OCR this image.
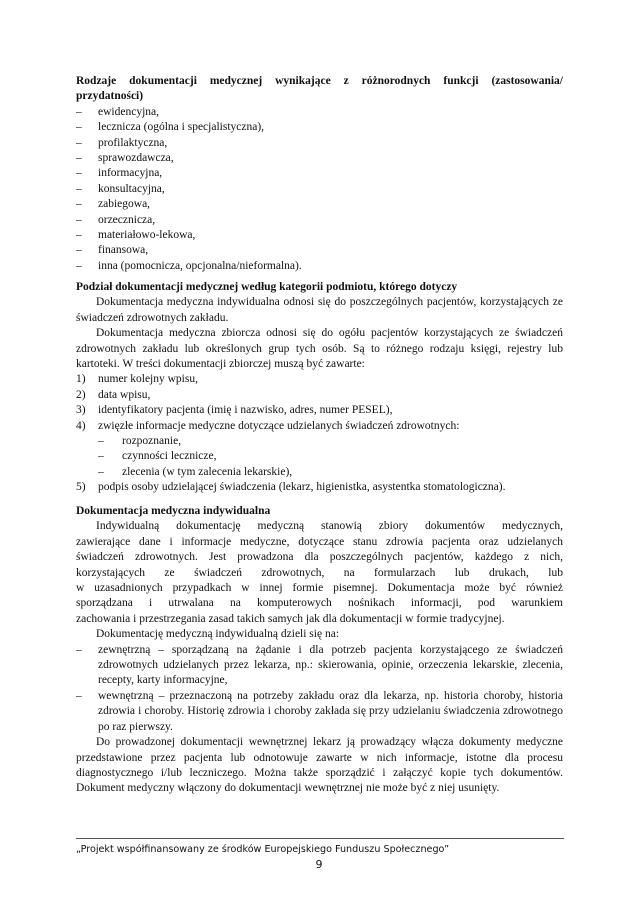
Rodzaje dokumentacji medycznej wynikające z różnorodnych funkcji (zastosowania/
przydatności)
– ewidencyjna,
– lecznicza (ogólna i specjalistyczna),
– profilaktyczna,
– sprawozdawcza,
– informacyjna,
– konsultacyjna,
– zabiegowa,
– orzecznicza,
– materiałowo-lekowa,
– finansowa,
– inna (pomocnicza, opcjonalna/nieformalna).
Podział dokumentacji medycznej według kategorii podmiotu, którego dotyczy

Dokumentacja medyczna indywidualna odnosi się do poszczególnych pacjentów, korzystających ze świadczeń zdrowotnych zakładu.

Dokumentacja medyczna zbiorcza odnosi się do ogółu pacjentów korzystających ze świadczeń zdrowotnych zakładu lub określonych grup tych osób. Są to różnego rodzaju księgi, rejestry lub kartoteki. W treści dokumentacji zbiorczej muszą być zawarte:

1) numer kolejny wpisu,
2) data wpisu,
3) identyfikatory pacjenta (imię i nazwisko, adres, numer PESEL),
4) zwięzłe informacje medyczne dotyczące udzielanych świadczeń zdrowotnych:
– rozpoznanie,
– czynności lecznicze,
– zlecenia (w tym zalecenia lekarskie),
5) podpis osoby udzielającej świadczenia (lekarz, higienistka, asystentka stomatologiczna).
Dokumentacja medyczna indywidualna
Indywidualną dokumentację medyczną stanowią zbiory dokumentów medycznych,
zawierające dane i informacje medyczne, dotyczące stanu zdrowia pacjenta oraz udzielanych
świadczeń zdrowotnych. Jest prowadzona dla poszczególnych pacjentów, każdego z nich,
korzystających ze świadczeń zdrowotnych, na formularzach lub drukach, lub
w uzasadnionych przypadkach w innej formie pisemnej. Dokumentacja może być również
sporządzana i utrwalana na komputerowych nośnikach informacji, pod warunkiem
zachowania i przestrzegania zasad takich samych jak dla dokumentacji w formie tradycyjnej.

Dokumentację medyczną indywidualną dzieli się na:

– zewnętrzną – sporządzaną na żądanie i dla potrzeb pacjenta korzystającego ze świadczeń zdrowotnych udzielanych przez lekarza, np.: skierowania, opinie, orzeczenia lekarskie, zlecenia, recepty, karty informacyjne,
– wewnętrzną – przeznaczoną na potrzeby zakładu oraz dla lekarza, np. historia choroby, historia zdrowia i choroby. Historię zdrowia i choroby zakłada się przy udzielaniu świadczenia zdrowotnego po raz pierwszy.

Do prowadzonej dokumentacji wewnętrznej lekarz ją prowadzący włącza dokumenty medyczne przedstawione przez pacjenta lub odnotowuje zawarte w nich informacje, istotne dla procesu diagnostycznego i/lub leczniczego. Można także sporządzić i załączyć kopie tych dokumentów. Dokument medyczny włączony do dokumentacji wewnętrznej nie może być z niej usunięty.

„Projekt współfinansowany ze środków Europejskiego Funduszu Społecznego”
9
